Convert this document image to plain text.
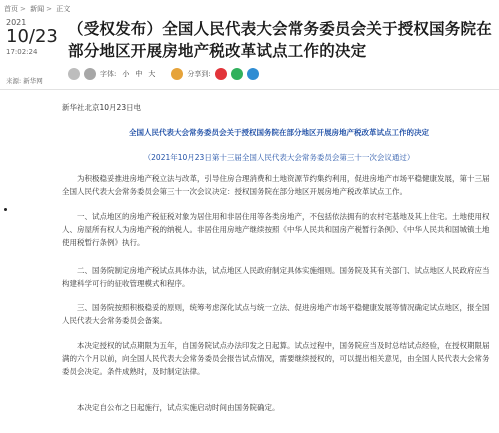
首页 > 新闻 > 正文
2021
10/23
17:02:24
来源: 新华网
（受权发布）全国人民代表大会常务委员会关于授权国务院在部分地区开展房地产税改革试点工作的决定
字体: 小 中 大	分享到:
新华社北京10月23日电
全国人民代表大会常务委员会关于授权国务院在部分地区开展房地产税改革试点工作的决定
（2021年10月23日第十三届全国人民代表大会常务委员会第三十一次会议通过）

为积极稳妥推进房地产税立法与改革，引导住房合理消费和土地资源节约集约利用，促进房地产市场平稳健康发展，第十三届全国人民代表大会常务委员会第三十一次会议决定：授权国务院在部分地区开展房地产税改革试点工作。

一、试点地区的房地产税征税对象为居住用和非居住用等各类房地产，不包括依法拥有的农村宅基地及其上住宅。土地使用权人、房屋所有权人为房地产税的纳税人。非居住用房地产继续按照《中华人民共和国房产税暂行条例》、《中华人民共和国城镇土地使用税暂行条例》执行。

二、国务院制定房地产税试点具体办法，试点地区人民政府制定具体实施细则。国务院及其有关部门、试点地区人民政府应当构建科学可行的征收管理模式和程序。

三、国务院按照积极稳妥的原则，统筹考虑深化试点与统一立法、促进房地产市场平稳健康发展等情况确定试点地区，报全国人民代表大会常务委员会备案。

本决定授权的试点期限为五年，自国务院试点办法印发之日起算。试点过程中，国务院应当及时总结试点经验，在授权期限届满的六个月以前，向全国人民代表大会常务委员会报告试点情况，需要继续授权的，可以提出相关意见，由全国人民代表大会常务委员会决定。条件成熟时，及时制定法律。

本决定自公布之日起施行，试点实施启动时间由国务院确定。
